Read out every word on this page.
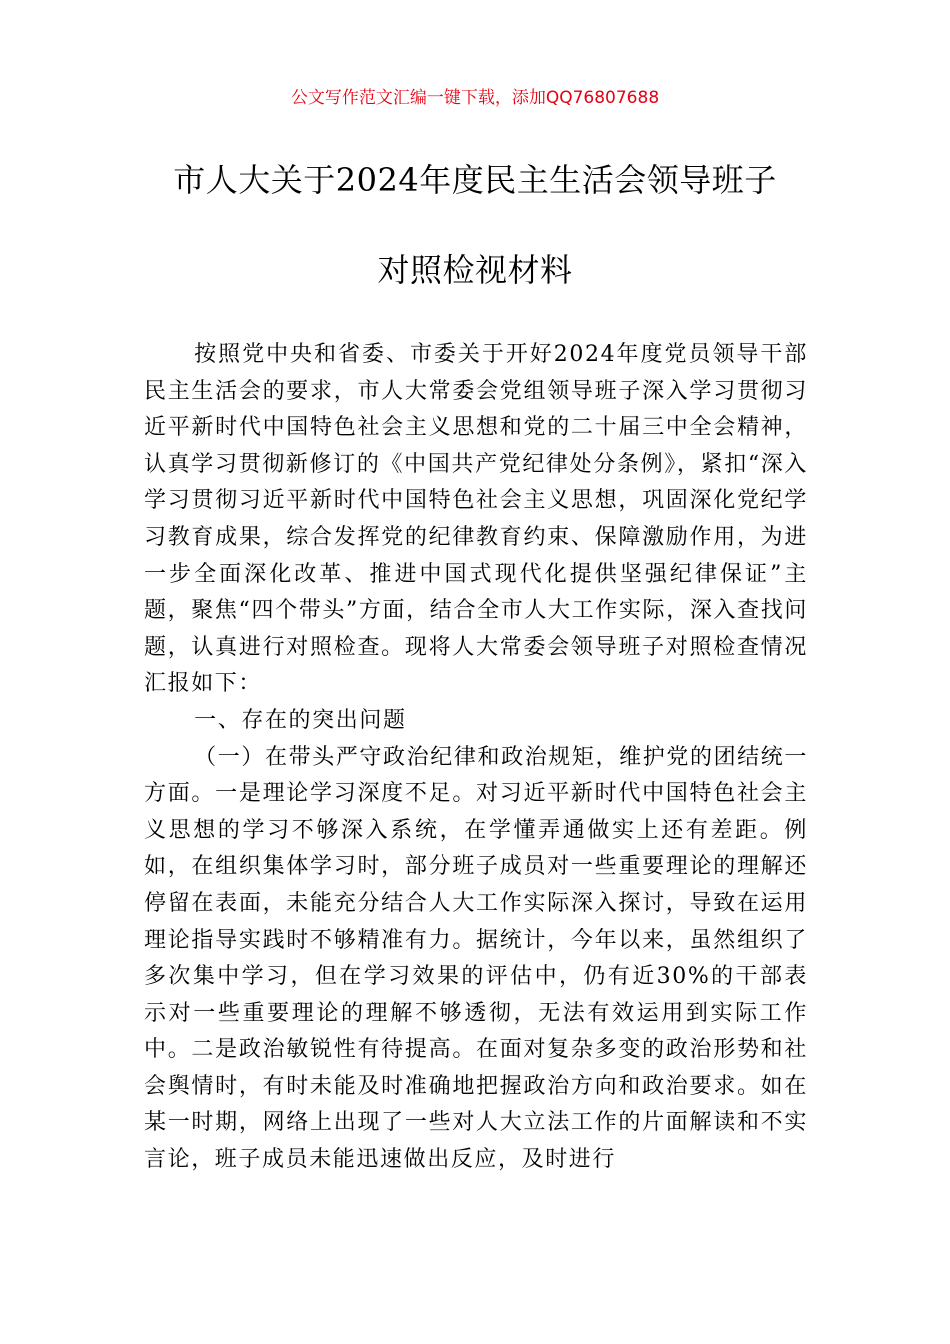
公文写作范文汇编一键下载，添加QQ76807688
市人大关于2024年度民主生活会领导班子
对照检视材料

按照党中央和省委、市委关于开好2024年度党员领导干部民主生活会的要求，市人大常委会党组领导班子深入学习贯彻习近平新时代中国特色社会主义思想和党的二十届三中全会精神，认真学习贯彻新修订的《中国共产党纪律处分条例》，紧扣“深入学习贯彻习近平新时代中国特色社会主义思想，巩固深化党纪学习教育成果，综合发挥党的纪律教育约束、保障激励作用，为进一步全面深化改革、推进中国式现代化提供坚强纪律保证”主题，聚焦“四个带头”方面，结合全市人大工作实际，深入查找问题，认真进行对照检查。现将人大常委会领导班子对照检查情况汇报如下：

一、存在的突出问题

（一）在带头严守政治纪律和政治规矩，维护党的团结统一方面。一是理论学习深度不足。对习近平新时代中国特色社会主义思想的学习不够深入系统，在学懂弄通做实上还有差距。例如，在组织集体学习时，部分班子成员对一些重要理论的理解还停留在表面，未能充分结合人大工作实际深入探讨，导致在运用理论指导实践时不够精准有力。据统计，今年以来，虽然组织了多次集中学习，但在学习效果的评估中，仍有近30%的干部表示对一些重要理论的理解不够透彻，无法有效运用到实际工作中。二是政治敏锐性有待提高。在面对复杂多变的政治形势和社会舆情时，有时未能及时准确地把握政治方向和政治要求。如在某一时期，网络上出现了一些对人大立法工作的片面解读和不实言论，班子成员未能迅速做出反应，及时进行
